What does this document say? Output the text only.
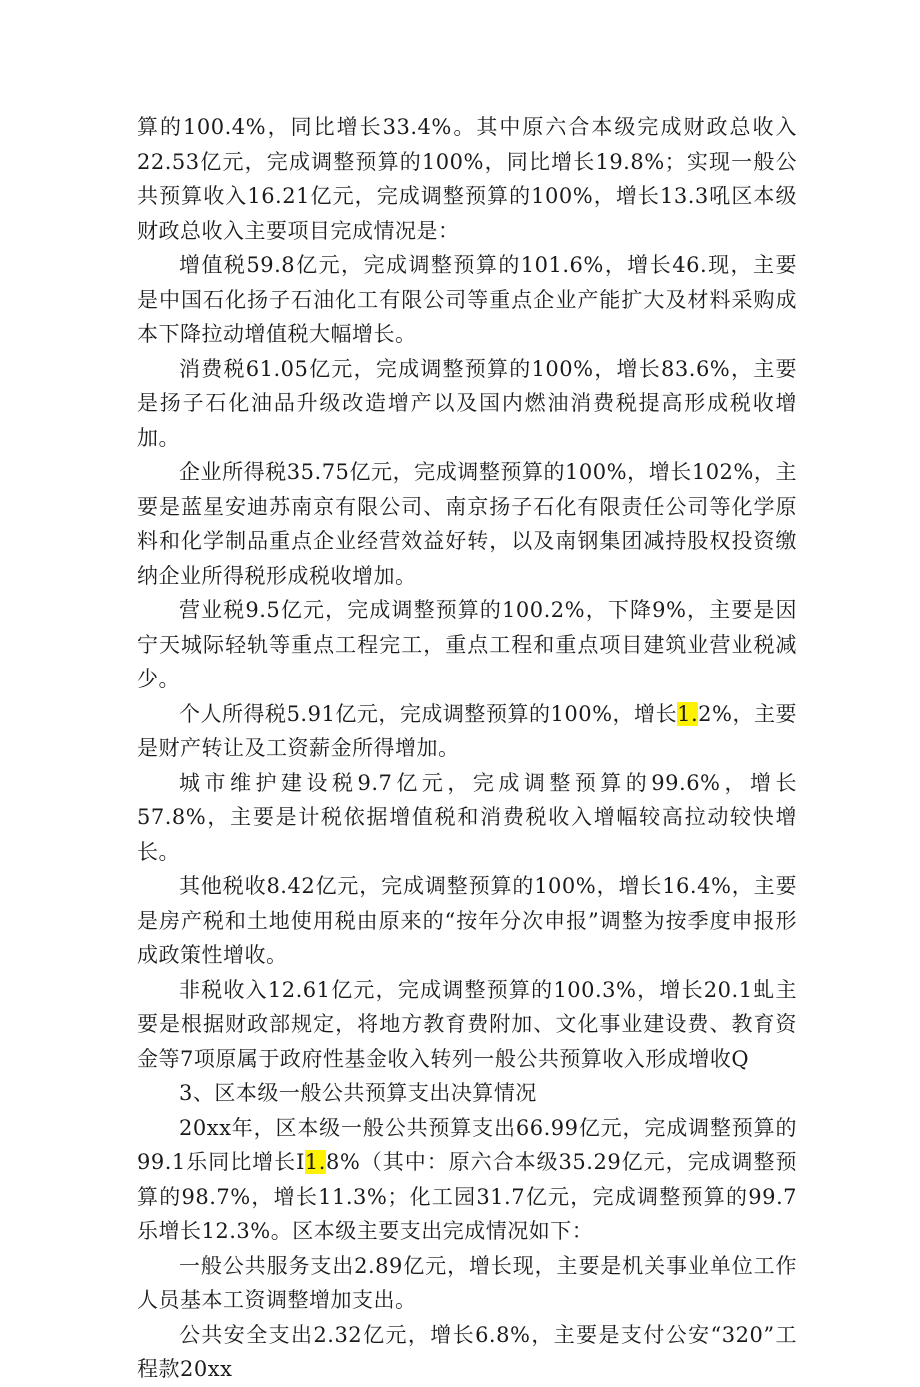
算的100.4%，同比增长33.4%。其中原六合本级完成财政总收入22.53亿元，完成调整预算的100%，同比增长19.8%；实现一般公共预算收入16.21亿元，完成调整预算的100%，增长13.3吼区本级财政总收入主要项目完成情况是：

增值税59.8亿元，完成调整预算的101.6%，增长46.现，主要是中国石化扬子石油化工有限公司等重点企业产能扩大及材料采购成本下降拉动增值税大幅增长。

消费税61.05亿元，完成调整预算的100%，增长83.6%，主要是扬子石化油品升级改造增产以及国内燃油消费税提高形成税收增加。

企业所得税35.75亿元，完成调整预算的100%，增长102%，主要是蓝星安迪苏南京有限公司、南京扬子石化有限责任公司等化学原料和化学制品重点企业经营效益好转，以及南钢集团减持股权投资缴纳企业所得税形成税收增加。

营业税9.5亿元，完成调整预算的100.2%，下降9%，主要是因宁天城际轻轨等重点工程完工，重点工程和重点项目建筑业营业税减少。

个人所得税5.91亿元，完成调整预算的100%，增长1.2%，主要是财产转让及工资薪金所得增加。

城市维护建设税9.7亿元，完成调整预算的99.6%，增长57.8%，主要是计税依据增值税和消费税收入增幅较高拉动较快增长。

其他税收8.42亿元，完成调整预算的100%，增长16.4%，主要是房产税和土地使用税由原来的“按年分次申报”调整为按季度申报形成政策性增收。

非税收入12.61亿元，完成调整预算的100.3%，增长20.1虬主要是根据财政部规定，将地方教育费附加、文化事业建设费、教育资金等7项原属于政府性基金收入转列一般公共预算收入形成增收Q

3、区本级一般公共预算支出决算情况

20xx年，区本级一般公共预算支出66.99亿元，完成调整预算的99.1乐同比增长I1.8%（其中：原六合本级35.29亿元，完成调整预算的98.7%，增长11.3%；化工园31.7亿元，完成调整预算的99.7乐增长12.3%。区本级主要支出完成情况如下：

一般公共服务支出2.89亿元，增长现，主要是机关事业单位工作人员基本工资调整增加支出。

公共安全支出2.32亿元，增长6.8%，主要是支付公安“320”工程款20xx
